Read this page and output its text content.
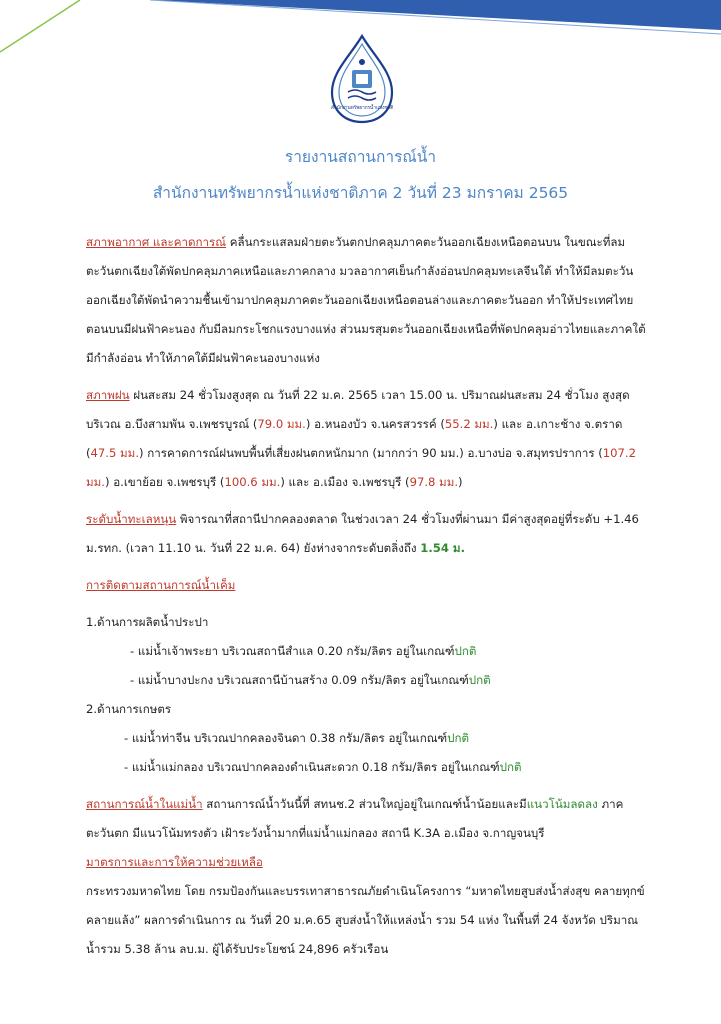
สำนักงานทรัพยากรน้ำแห่งชาติ
รายงานสถานการณ์น้ำ
สำนักงานทรัพยากรน้ำแห่งชาติภาค 2 วันที่ 23 มกราคม 2565

สภาพอากาศ และคาดการณ์ คลื่นกระแสลมฝ่ายตะวันตกปกคลุมภาคตะวันออกเฉียงเหนือตอนบน ในขณะที่ลมตะวันตกเฉียงใต้พัดปกคลุมภาคเหนือและภาคกลาง มวลอากาศเย็นกำลังอ่อนปกคลุมทะเลจีนใต้ ทำให้มีลมตะวันออกเฉียงใต้พัดนำความชื้นเข้ามาปกคลุมภาคตะวันออกเฉียงเหนือตอนล่างและภาคตะวันออก ทำให้ประเทศไทยตอนบนมีฝนฟ้าคะนอง กับมีลมกระโชกแรงบางแห่ง ส่วนมรสุมตะวันออกเฉียงเหนือที่พัดปกคลุมอ่าวไทยและภาคใต้มีกำลังอ่อน ทำให้ภาคใต้มีฝนฟ้าคะนองบางแห่ง

สภาพฝน ฝนสะสม 24 ชั่วโมงสูงสุด ณ วันที่ 22 ม.ค. 2565 เวลา 15.00 น. ปริมาณฝนสะสม 24 ชั่วโมง สูงสุดบริเวณ อ.บึงสามพัน จ.เพชรบูรณ์ (79.0 มม.) อ.หนองบัว จ.นครสวรรค์ (55.2 มม.) และ อ.เกาะช้าง จ.ตราด (47.5 มม.) การคาดการณ์ฝนพบพื้นที่เสี่ยงฝนตกหนักมาก (มากกว่า 90 มม.) อ.บางบ่อ จ.สมุทรปราการ (107.2 มม.) อ.เขาย้อย จ.เพชรบุรี (100.6 มม.) และ อ.เมือง จ.เพชรบุรี (97.8 มม.)

ระดับน้ำทะเลหนุน พิจารณาที่สถานีปากคลองตลาด ในช่วงเวลา 24 ชั่วโมงที่ผ่านมา มีค่าสูงสุดอยู่ที่ระดับ +1.46 ม.รทก. (เวลา 11.10 น. วันที่ 22 ม.ค. 64) ยังห่างจากระดับตลิ่งถึง 1.54 ม.

การติดตามสถานการณ์น้ำเค็ม

1.ด้านการผลิตน้ำประปา

- แม่น้ำเจ้าพระยา บริเวณสถานีสำแล 0.20 กรัม/ลิตร อยู่ในเกณฑ์ปกติ

- แม่น้ำบางปะกง บริเวณสถานีบ้านสร้าง 0.09 กรัม/ลิตร อยู่ในเกณฑ์ปกติ

2.ด้านการเกษตร

- แม่น้ำท่าจีน บริเวณปากคลองจินดา 0.38 กรัม/ลิตร อยู่ในเกณฑ์ปกติ

- แม่น้ำแม่กลอง บริเวณปากคลองดำเนินสะดวก 0.18 กรัม/ลิตร อยู่ในเกณฑ์ปกติ

สถานการณ์น้ำในแม่น้ำ สถานการณ์น้ำวันนี้ที่ สทนช.2 ส่วนใหญ่อยู่ในเกณฑ์น้ำน้อยและมีแนวโน้มลดลง ภาคตะวันตก มีแนวโน้มทรงตัว เฝ้าระวังน้ำมากที่แม่น้ำแม่กลอง สถานี K.3A อ.เมือง จ.กาญจนบุรี

มาตรการและการให้ความช่วยเหลือ

กระทรวงมหาดไทย โดย กรมป้องกันและบรรเทาสาธารณภัยดำเนินโครงการ “มหาดไทยสูบส่งน้ำส่งสุข คลายทุกข์ คลายแล้ง” ผลการดำเนินการ ณ วันที่ 20 ม.ค.65 สูบส่งน้ำให้แหล่งน้ำ รวม 54 แห่ง ในพื้นที่ 24 จังหวัด ปริมาณน้ำรวม 5.38 ล้าน ลบ.ม. ผู้ได้รับประโยชน์ 24,896 ครัวเรือน
